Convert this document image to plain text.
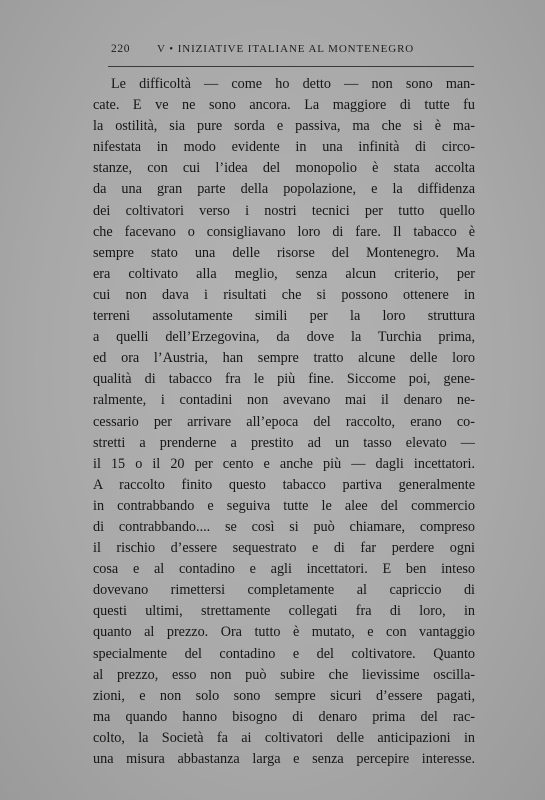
220 V • INIZIATIVE ITALIANE AL MONTENEGRO
Le difficoltà — come ho detto — non sono man-
cate. E ve ne sono ancora. La maggiore di tutte fu
la ostilità, sia pure sorda e passiva, ma che si è ma-
nifestata in modo evidente in una infinità di circo-
stanze, con cui l’idea del monopolio è stata accolta
da una gran parte della popolazione, e la diffidenza
dei coltivatori verso i nostri tecnici per tutto quello
che facevano o consigliavano loro di fare. Il tabacco è
sempre stato una delle risorse del Montenegro. Ma
era coltivato alla meglio, senza alcun criterio, per
cui non dava i risultati che si possono ottenere in
terreni assolutamente simili per la loro struttura
a quelli dell’Erzegovina, da dove la Turchia prima,
ed ora l’Austria, han sempre tratto alcune delle loro
qualità di tabacco fra le più fine. Siccome poi, gene-
ralmente, i contadini non avevano mai il denaro ne-
cessario per arrivare all’epoca del raccolto, erano co-
stretti a prenderne a prestito ad un tasso elevato —
il 15 o il 20 per cento e anche più — dagli incettatori.
A raccolto finito questo tabacco partiva generalmente
in contrabbando e seguiva tutte le alee del commercio
di contrabbando.... se così si può chiamare, compreso
il rischio d’essere sequestrato e di far perdere ogni
cosa e al contadino e agli incettatori. E ben inteso
dovevano rimettersi completamente al capriccio di
questi ultimi, strettamente collegati fra di loro, in
quanto al prezzo. Ora tutto è mutato, e con vantaggio
specialmente del contadino e del coltivatore. Quanto
al prezzo, esso non può subire che lievissime oscilla-
zioni, e non solo sono sempre sicuri d’essere pagati,
ma quando hanno bisogno di denaro prima del rac-
colto, la Società fa ai coltivatori delle anticipazioni in
una misura abbastanza larga e senza percepire interesse.
